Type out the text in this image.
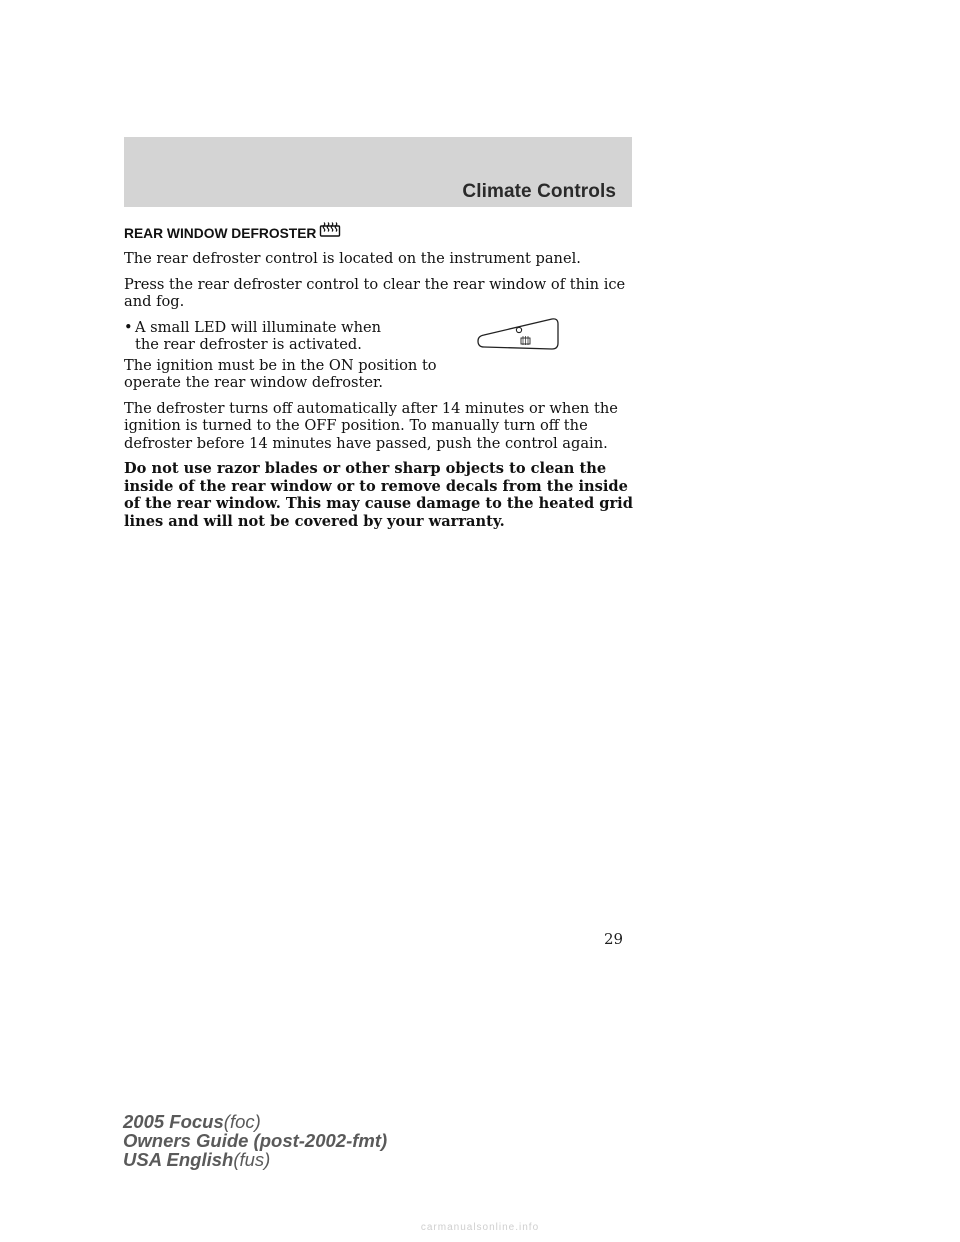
Climate Controls
REAR WINDOW DEFROSTER

The rear defroster control is located on the instrument panel.

Press the rear defroster control to clear the rear window of thin ice and fog.

• A small LED will illuminate when the rear defroster is activated.

The ignition must be in the ON position to operate the rear window defroster.

The defroster turns off automatically after 14 minutes or when the ignition is turned to the OFF position. To manually turn off the defroster before 14 minutes have passed, push the control again.

Do not use razor blades or other sharp objects to clean the inside of the rear window or to remove decals from the inside of the rear window. This may cause damage to the heated grid lines and will not be covered by your warranty.

29
2005 Focus(foc)
Owners Guide (post-2002-fmt)
USA English(fus)
carmanualsonline.info
